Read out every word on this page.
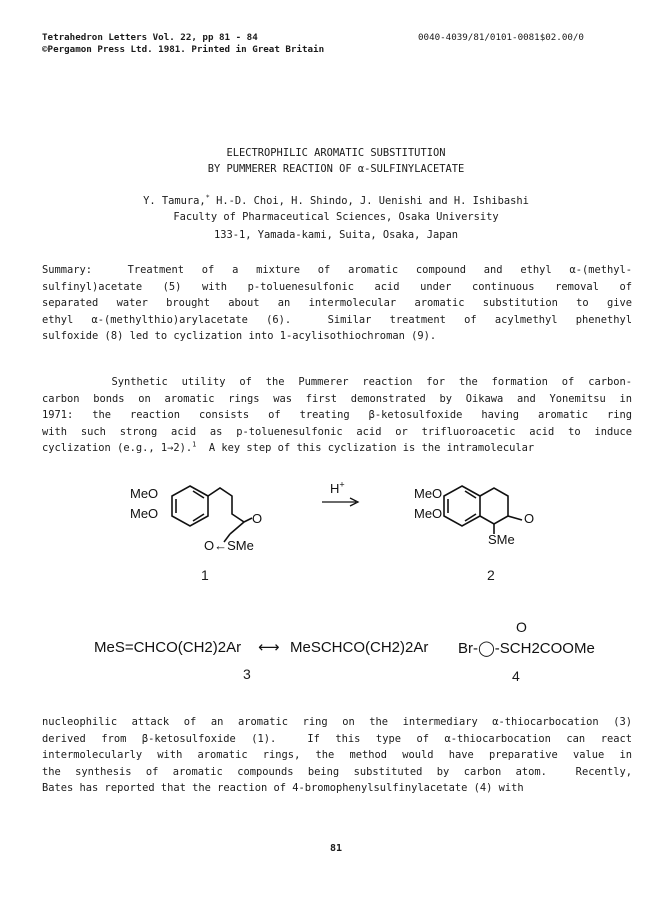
Tetrahedron Letters Vol. 22, pp 81 - 84
©Pergamon Press Ltd. 1981. Printed in Great Britain
0040-4039/81/0101-0081$02.00/0
ELECTROPHILIC AROMATIC SUBSTITUTION
BY PUMMERER REACTION OF α-SULFINYLACETATE
Y. Tamura,* H.-D. Choi, H. Shindo, J. Uenishi and H. Ishibashi
Faculty of Pharmaceutical Sciences, Osaka University
133-1, Yamada-kami, Suita, Osaka, Japan
Summary:  Treatment of a mixture of aromatic compound and ethyl α-(methyl-
sulfinyl)acetate (5) with p-toluenesulfonic acid under continuous removal of
separated water brought about an intermolecular aromatic substitution to give
ethyl α-(methylthio)arylacetate (6).  Similar treatment of acylmethyl phenethyl
sulfoxide (8) led to cyclization into 1-acylisothiochroman (9).
Synthetic utility of the Pummerer reaction for the formation of carbon-
carbon bonds on aromatic rings was first demonstrated by Oikawa and Yonemitsu in
1971: the reaction consists of treating β-ketosulfoxide having aromatic ring
with such strong acid as p-toluenesulfonic acid or trifluoroacetic acid to induce
cyclization (e.g., 1→2).$^1$  A key step of this cyclization is the intramolecular
MeO
MeO	O
O←SMe
1
H+
MeO
MeO	O
SMe
2
MeS=CHCO(CH2)2Ar ⟷ MeSCHCO(CH2)2Ar
3
O
Br-◯-SCH2COOMe
4
nucleophilic attack of an aromatic ring on the intermediary α-thiocarbocation (3)
derived from β-ketosulfoxide (1).  If this type of α-thiocarbocation can react
intermolecularly with aromatic rings, the method would have preparative value in
the synthesis of aromatic compounds being substituted by carbon atom.  Recently,
Bates has reported that the reaction of 4-bromophenylsulfinylacetate (4) with
81
